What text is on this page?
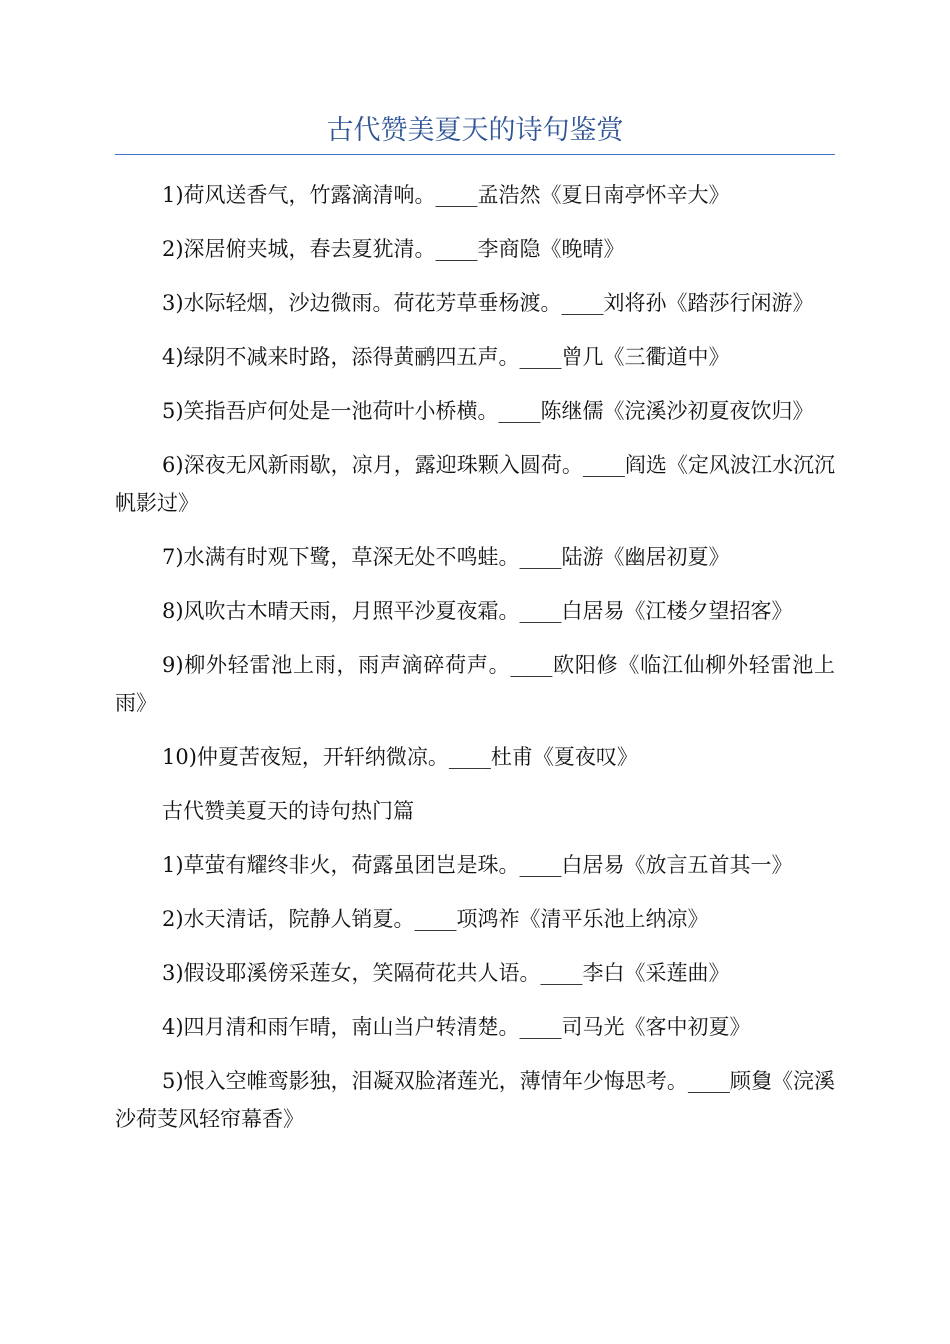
古代赞美夏天的诗句鉴赏

1)荷风送香气，竹露滴清响。____孟浩然《夏日南亭怀辛大》

2)深居俯夹城，春去夏犹清。____李商隐《晚晴》

3)水际轻烟，沙边微雨。荷花芳草垂杨渡。____刘将孙《踏莎行闲游》

4)绿阴不减来时路，添得黄鹂四五声。____曾几《三衢道中》

5)笑指吾庐何处是一池荷叶小桥横。____陈继儒《浣溪沙初夏夜饮归》

6)深夜无风新雨歇，凉月，露迎珠颗入圆荷。____阎选《定风波江水沉沉帆影过》

7)水满有时观下鹭，草深无处不鸣蛙。____陆游《幽居初夏》

8)风吹古木晴天雨，月照平沙夏夜霜。____白居易《江楼夕望招客》

9)柳外轻雷池上雨，雨声滴碎荷声。____欧阳修《临江仙柳外轻雷池上雨》

10)仲夏苦夜短，开轩纳微凉。____杜甫《夏夜叹》

古代赞美夏天的诗句热门篇

1)草萤有耀终非火，荷露虽团岂是珠。____白居易《放言五首其一》

2)水天清话，院静人销夏。____项鸿祚《清平乐池上纳凉》

3)假设耶溪傍采莲女，笑隔荷花共人语。____李白《采莲曲》

4)四月清和雨乍晴，南山当户转清楚。____司马光《客中初夏》

5)恨入空帷鸾影独，泪凝双脸渚莲光，薄情年少悔思考。____顾敻《浣溪沙荷芰风轻帘幕香》
